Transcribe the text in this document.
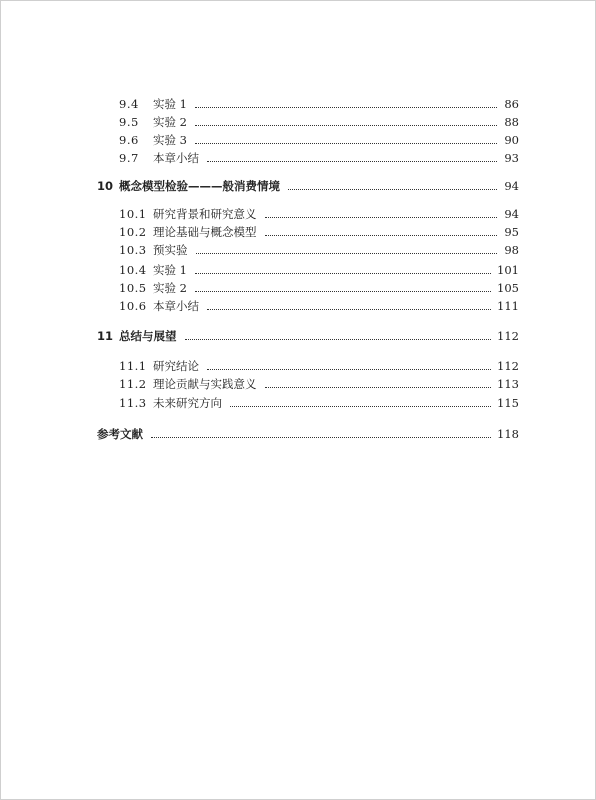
9.4	实验 1	86
9.5	实验 2	88
9.6	实验 3	90
9.7	本章小结	93
10 概念模型检验———般消费情境	94
10.1 研究背景和研究意义	94
10.2 理论基础与概念模型	95
10.3 预实验	98
10.4 实验 1	101
10.5 实验 2	105
10.6 本章小结	111
11 总结与展望	112
11.1 研究结论	112
11.2 理论贡献与实践意义	113
11.3 未来研究方向	115
参考文献	118
